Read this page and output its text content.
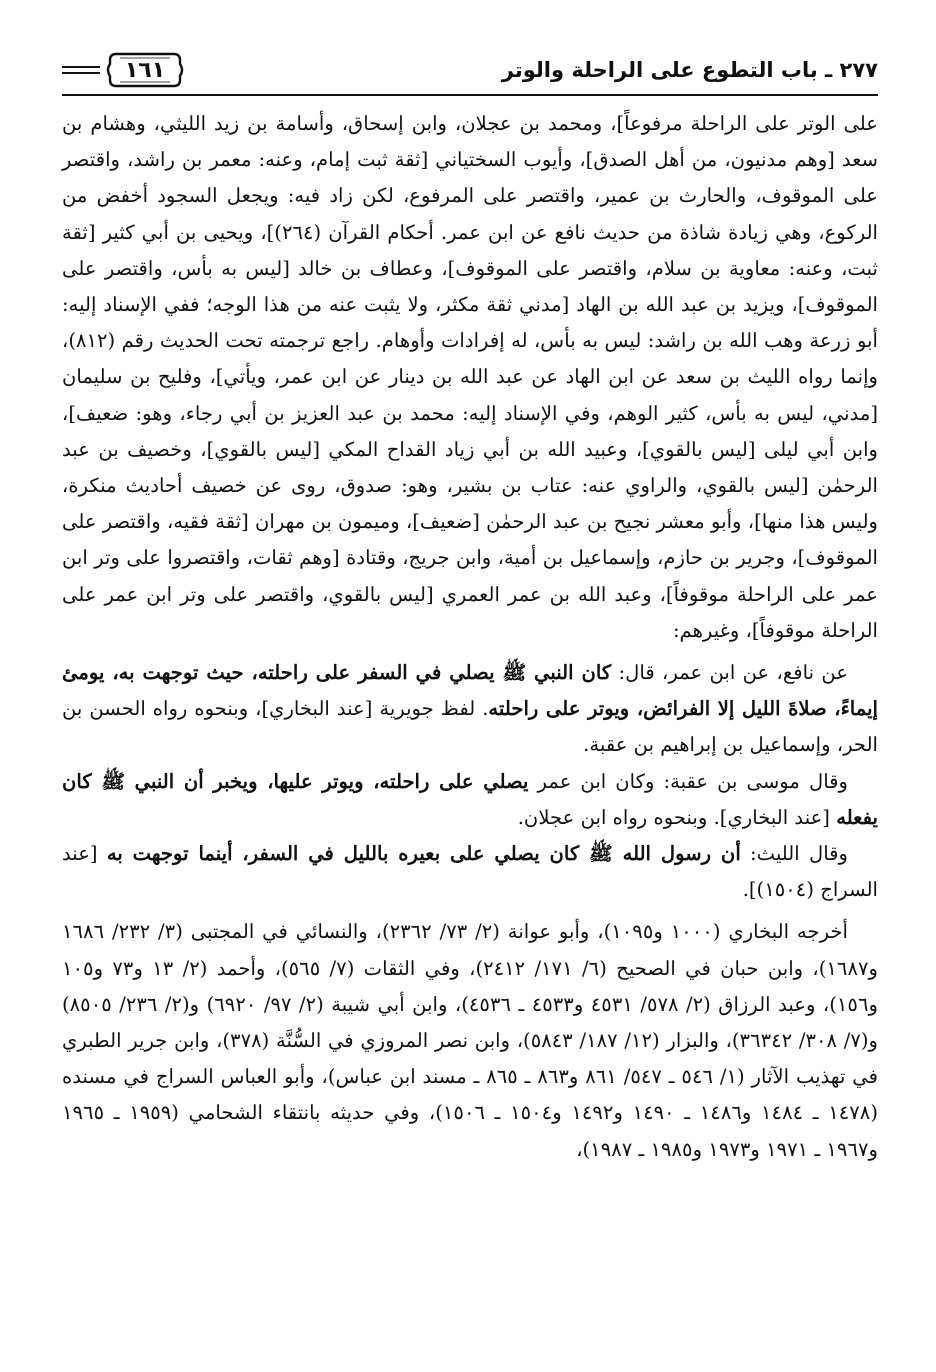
٢٧٧ ـ باب التطوع على الراحلة والوتر
١٦١

على الوتر على الراحلة مرفوعاً]، ومحمد بن عجلان، وابن إسحاق، وأسامة بن زيد الليثي، وهشام بن سعد [وهم مدنيون، من أهل الصدق]، وأيوب السختياني [ثقة ثبت إمام، وعنه: معمر بن راشد، واقتصر على الموقوف، والحارث بن عمير، واقتصر على المرفوع، لكن زاد فيه: ويجعل السجود أخفض من الركوع، وهي زيادة شاذة من حديث نافع عن ابن عمر. أحكام القرآن (٢٦٤)]، ويحيى بن أبي كثير [ثقة ثبت، وعنه: معاوية بن سلام، واقتصر على الموقوف]، وعطاف بن خالد [ليس به بأس، واقتصر على الموقوف]، ويزيد بن عبد الله بن الهاد [مدني ثقة مكثر، ولا يثبت عنه من هذا الوجه؛ ففي الإسناد إليه: أبو زرعة وهب الله بن راشد: ليس به بأس، له إفرادات وأوهام. راجع ترجمته تحت الحديث رقم (٨١٢)، وإنما رواه الليث بن سعد عن ابن الهاد عن عبد الله بن دينار عن ابن عمر، ويأتي]، وفليح بن سليمان [مدني، ليس به بأس، كثير الوهم، وفي الإسناد إليه: محمد بن عبد العزيز بن أبي رجاء، وهو: ضعيف]، وابن أبي ليلى [ليس بالقوي]، وعبيد الله بن أبي زياد القداح المكي [ليس بالقوي]، وخصيف بن عبد الرحمٰن [ليس بالقوي، والراوي عنه: عتاب بن بشير، وهو: صدوق، روى عن خصيف أحاديث منكرة، وليس هذا منها]، وأبو معشر نجيح بن عبد الرحمٰن [ضعيف]، وميمون بن مهران [ثقة فقيه، واقتصر على الموقوف]، وجرير بن حازم، وإسماعيل بن أمية، وابن جريج، وقتادة [وهم ثقات، واقتصروا على وتر ابن عمر على الراحلة موقوفاً]، وعبد الله بن عمر العمري [ليس بالقوي، واقتصر على وتر ابن عمر على الراحلة موقوفاً]، وغيرهم:

عن نافع، عن ابن عمر، قال: كان النبي ﷺ يصلي في السفر على راحلته، حيث توجهت به، يومئ إيماءً، صلاةَ الليل إلا الفرائض، ويوتر على راحلته. لفظ جويرية [عند البخاري]، وبنحوه رواه الحسن بن الحر، وإسماعيل بن إبراهيم بن عقبة.

وقال موسى بن عقبة: وكان ابن عمر يصلي على راحلته، ويوتر عليها، ويخبر أن النبي ﷺ كان يفعله [عند البخاري]. وبنحوه رواه ابن عجلان.

وقال الليث: أن رسول الله ﷺ كان يصلي على بعيره بالليل في السفر، أينما توجهت به [عند السراج (١٥٠٤)].

أخرجه البخاري (١٠٠٠ و١٠٩٥)، وأبو عوانة (٢/ ٧٣/ ٢٣٦٢)، والنسائي في المجتبى (٣/ ٢٣٢/ ١٦٨٦ و١٦٨٧)، وابن حبان في الصحيح (٦/ ١٧١/ ٢٤١٢)، وفي الثقات (٧/ ٥٦٥)، وأحمد (٢/ ١٣ و٧٣ و١٠٥ و١٥٦)، وعبد الرزاق (٢/ ٥٧٨/ ٤٥٣١ و٤٥٣٣ ـ ٤٥٣٦)، وابن أبي شيبة (٢/ ٩٧/ ٦٩٢٠) و(٢/ ٢٣٦/ ٨٥٠٥) و(٧/ ٣٠٨/ ٣٦٣٤٢)، والبزار (١٢/ ١٨٧/ ٥٨٤٣)، وابن نصر المروزي في السُّنَّة (٣٧٨)، وابن جرير الطبري في تهذيب الآثار (١/ ٥٤٦ ـ ٥٤٧/ ٨٦١ و٨٦٣ ـ ٨٦٥ ـ مسند ابن عباس)، وأبو العباس السراج في مسنده (١٤٧٨ ـ ١٤٨٤ و١٤٨٦ ـ ١٤٩٠ و١٤٩٢ و١٥٠٤ ـ ١٥٠٦)، وفي حديثه بانتقاء الشحامي (١٩٥٩ ـ ١٩٦٥ و١٩٦٧ ـ ١٩٧١ و١٩٧٣ و١٩٨٥ ـ ١٩٨٧)،
